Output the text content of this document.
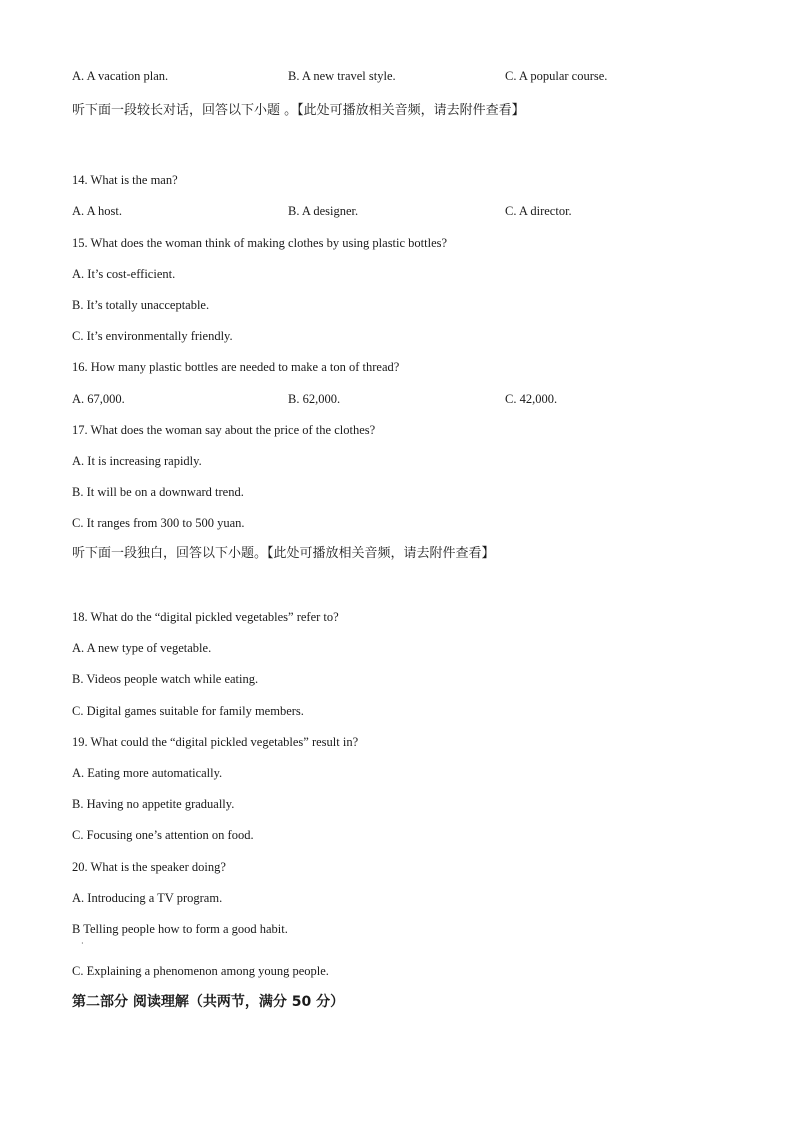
A. A vacation plan.	B. A new travel style.	C. A popular course.
听下面一段较长对话，回答以下小题 。【此处可播放相关音频，请去附件查看】
14. What is the man?
A. A host.	B. A designer.	C. A director.
15. What does the woman think of making clothes by using plastic bottles?
A. It’s cost-efficient.
B. It’s totally unacceptable.
C. It’s environmentally friendly.
16. How many plastic bottles are needed to make a ton of thread?
A. 67,000.	B. 62,000.	C. 42,000.
17. What does the woman say about the price of the clothes?
A. It is increasing rapidly.
B. It will be on a downward trend.
C. It ranges from 300 to 500 yuan.
听下面一段独白，回答以下小题。【此处可播放相关音频，请去附件查看】
18. What do the “digital pickled vegetables” refer to?
A. A new type of vegetable.
B. Videos people watch while eating.
C. Digital games suitable for family members.
19. What could the “digital pickled vegetables” result in?
A. Eating more automatically.
B. Having no appetite gradually.
C. Focusing one’s attention on food.
20. What is the speaker doing?
A. Introducing a TV program.
B Telling people how to form a good habit.
·
C. Explaining a phenomenon among young people.
第二部分 阅读理解（共两节，满分 50 分）
